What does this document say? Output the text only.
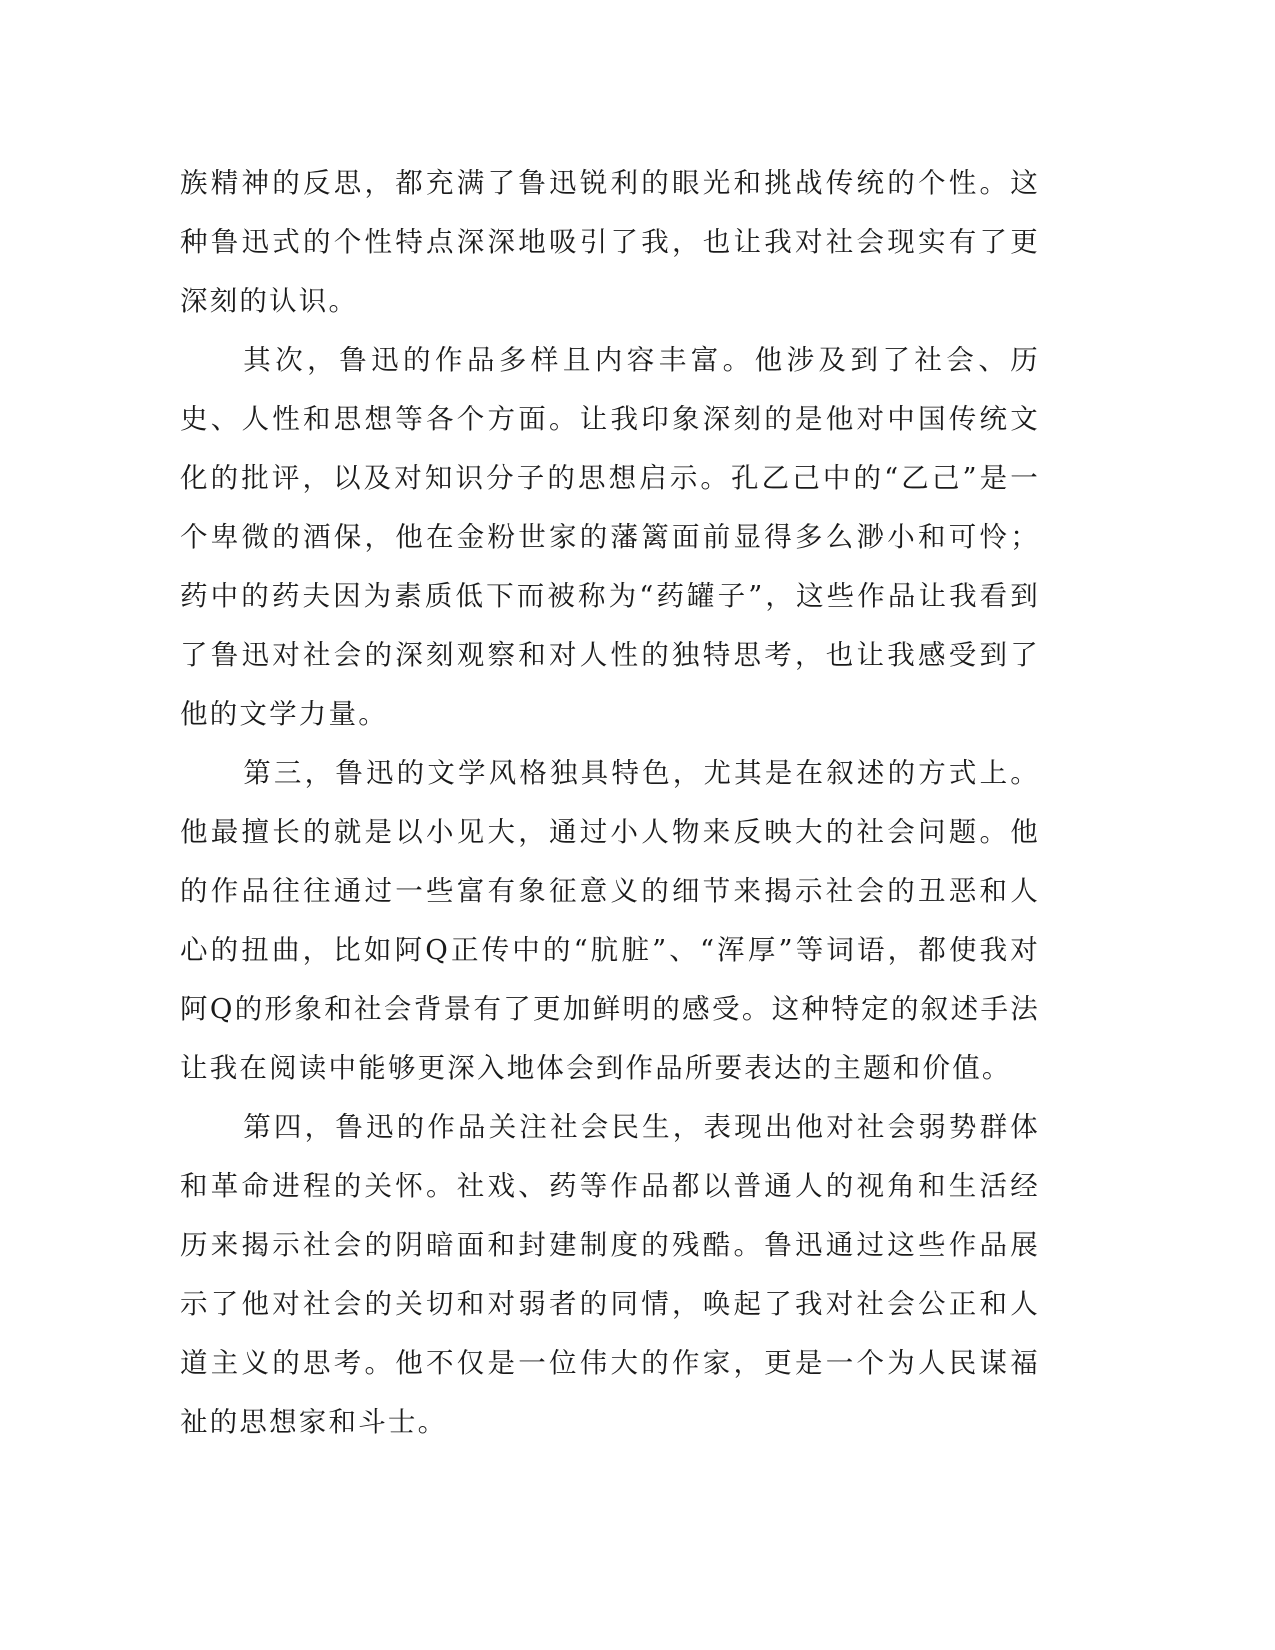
族精神的反思，都充满了鲁迅锐利的眼光和挑战传统的个性。这种鲁迅式的个性特点深深地吸引了我，也让我对社会现实有了更深刻的认识。

其次，鲁迅的作品多样且内容丰富。他涉及到了社会、历史、人性和思想等各个方面。让我印象深刻的是他对中国传统文化的批评，以及对知识分子的思想启示。孔乙己中的“乙己”是一个卑微的酒保，他在金粉世家的藩篱面前显得多么渺小和可怜；药中的药夫因为素质低下而被称为“药罐子”，这些作品让我看到了鲁迅对社会的深刻观察和对人性的独特思考，也让我感受到了他的文学力量。

第三，鲁迅的文学风格独具特色，尤其是在叙述的方式上。他最擅长的就是以小见大，通过小人物来反映大的社会问题。他的作品往往通过一些富有象征意义的细节来揭示社会的丑恶和人心的扭曲，比如阿Q正传中的“肮脏”、“浑厚”等词语，都使我对阿Q的形象和社会背景有了更加鲜明的感受。这种特定的叙述手法让我在阅读中能够更深入地体会到作品所要表达的主题和价值。

第四，鲁迅的作品关注社会民生，表现出他对社会弱势群体和革命进程的关怀。社戏、药等作品都以普通人的视角和生活经历来揭示社会的阴暗面和封建制度的残酷。鲁迅通过这些作品展示了他对社会的关切和对弱者的同情，唤起了我对社会公正和人道主义的思考。他不仅是一位伟大的作家，更是一个为人民谋福祉的思想家和斗士。
